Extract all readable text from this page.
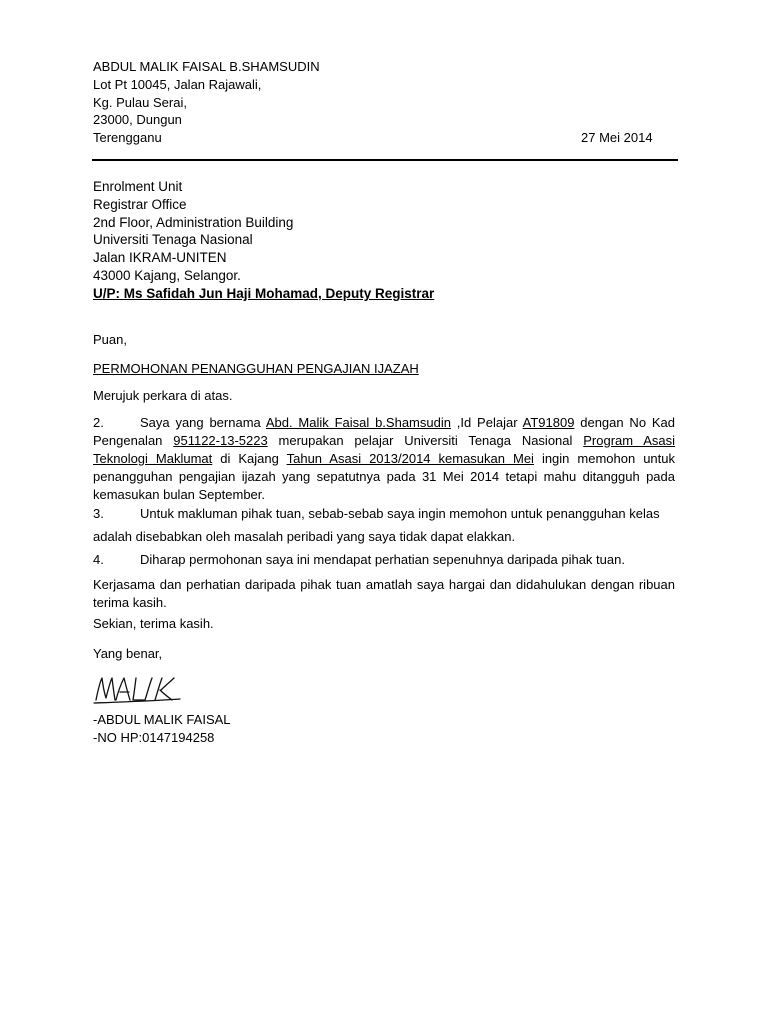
ABDUL MALIK FAISAL B.SHAMSUDIN
Lot Pt 10045, Jalan Rajawali,
Kg. Pulau Serai,
23000, Dungun
Terengganu	27 Mei 2014
Enrolment Unit
Registrar Office
2nd Floor, Administration Building
Universiti Tenaga Nasional
Jalan IKRAM-UNITEN
43000 Kajang, Selangor.
U/P: Ms Safidah Jun Haji Mohamad, Deputy Registrar
Puan,
PERMOHONAN PENANGGUHAN PENGAJIAN IJAZAH
Merujuk perkara di atas.
2.	Saya yang bernama Abd. Malik Faisal b.Shamsudin ,Id Pelajar AT91809 dengan No Kad Pengenalan 951122-13-5223 merupakan pelajar Universiti Tenaga Nasional Program Asasi Teknologi Maklumat di Kajang Tahun Asasi 2013/2014 kemasukan Mei ingin memohon untuk penangguhan pengajian ijazah yang sepatutnya pada 31 Mei 2014 tetapi mahu ditangguh pada kemasukan bulan September.
3.	Untuk makluman pihak tuan, sebab-sebab saya ingin memohon untuk penangguhan kelas
adalah disebabkan oleh masalah peribadi yang saya tidak dapat elakkan.
4.	Diharap permohonan saya ini mendapat perhatian sepenuhnya daripada pihak tuan.
Kerjasama dan perhatian daripada pihak tuan amatlah saya hargai dan didahulukan dengan ribuan terima kasih.
Sekian, terima kasih.
Yang benar,
-ABDUL MALIK FAISAL
-NO HP:0147194258
